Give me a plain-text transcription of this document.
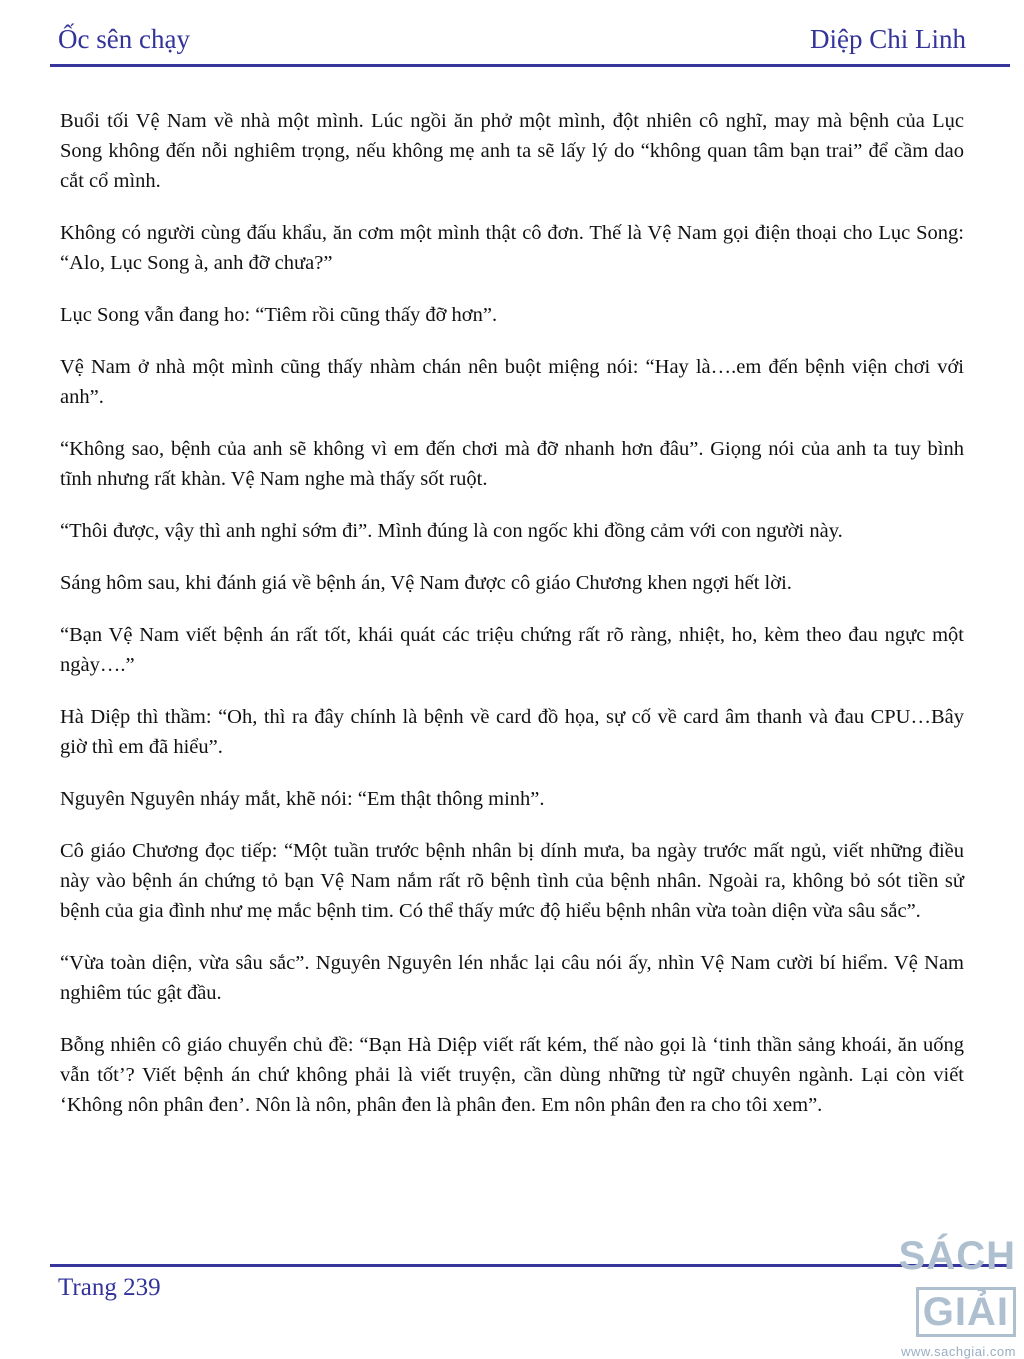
Ốc sên chạy	Diệp Chi Linh

Buổi tối Vệ Nam về nhà một mình. Lúc ngồi ăn phở một mình, đột nhiên cô nghĩ, may mà bệnh của Lục Song không đến nỗi nghiêm trọng, nếu không mẹ anh ta sẽ lấy lý do “không quan tâm bạn trai” để cầm dao cắt cổ mình.

Không có người cùng đấu khẩu, ăn cơm một mình thật cô đơn. Thế là Vệ Nam gọi điện thoại cho Lục Song: “Alo, Lục Song à, anh đỡ chưa?”

Lục Song vẫn đang ho: “Tiêm rồi cũng thấy đỡ hơn”.

Vệ Nam ở nhà một mình cũng thấy nhàm chán nên buột miệng nói: “Hay là….em đến bệnh viện chơi với anh”.

“Không sao, bệnh của anh sẽ không vì em đến chơi mà đỡ nhanh hơn đâu”. Giọng nói của anh ta tuy bình tĩnh nhưng rất khàn. Vệ Nam nghe mà thấy sốt ruột.

“Thôi được, vậy thì anh nghỉ sớm đi”. Mình đúng là con ngốc khi đồng cảm với con người này.

Sáng hôm sau, khi đánh giá về bệnh án, Vệ Nam được cô giáo Chương khen ngợi hết lời.

“Bạn Vệ Nam viết bệnh án rất tốt, khái quát các triệu chứng rất rõ ràng, nhiệt, ho, kèm theo đau ngực một ngày….”

Hà Diệp thì thầm: “Oh, thì ra đây chính là bệnh về card đồ họa, sự cố về card âm thanh và đau CPU…Bây giờ thì em đã hiểu”.

Nguyên Nguyên nháy mắt, khẽ nói: “Em thật thông minh”.

Cô giáo Chương đọc tiếp: “Một tuần trước bệnh nhân bị dính mưa, ba ngày trước mất ngủ, viết những điều này vào bệnh án chứng tỏ bạn Vệ Nam nắm rất rõ bệnh tình của bệnh nhân. Ngoài ra, không bỏ sót tiền sử bệnh của gia đình như mẹ mắc bệnh tim. Có thể thấy mức độ hiểu bệnh nhân vừa toàn diện vừa sâu sắc”.

“Vừa toàn diện, vừa sâu sắc”. Nguyên Nguyên lén nhắc lại câu nói ấy, nhìn Vệ Nam cười bí hiểm. Vệ Nam nghiêm túc gật đầu.

Bỗng nhiên cô giáo chuyển chủ đề: “Bạn Hà Diệp viết rất kém, thế nào gọi là ‘tinh thần sảng khoái, ăn uống vẫn tốt’? Viết bệnh án chứ không phải là viết truyện, cần dùng những từ ngữ chuyên ngành. Lại còn viết ‘Không nôn phân đen’. Nôn là nôn, phân đen là phân đen. Em nôn phân đen ra cho tôi xem”.

Trang 239
SÁCHGIẢI
www.sachgiai.com
